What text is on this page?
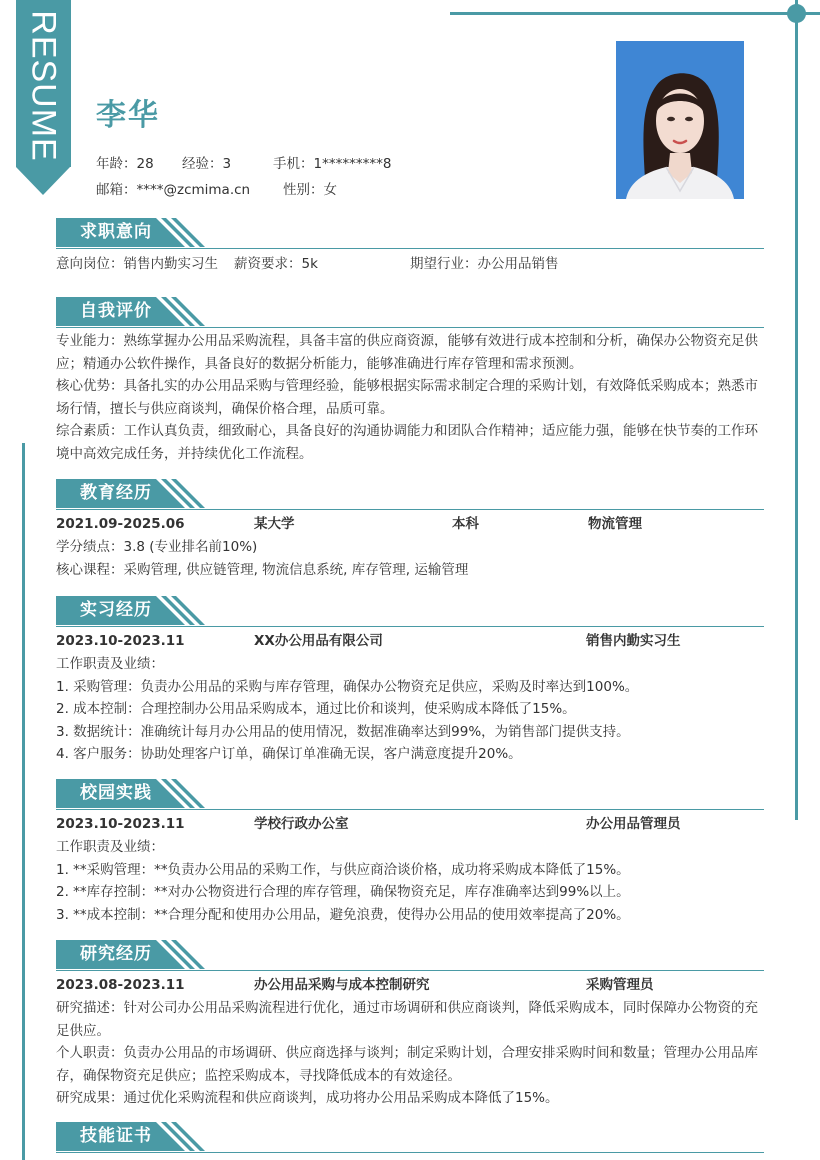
RESUME 李华
年龄：28 经验：3	手机：1*********8
邮箱：****@zcmima.cn 性别：女
求职意向
意向岗位：销售内勤实习生 薪资要求：5k	期望行业：办公用品销售
自我评价
专业能力：熟练掌握办公用品采购流程，具备丰富的供应商资源，能够有效进行成本控制和分析，确保办公物资充足供应；精通办公软件操作，具备良好的数据分析能力，能够准确进行库存管理和需求预测。
核心优势：具备扎实的办公用品采购与管理经验，能够根据实际需求制定合理的采购计划，有效降低采购成本；熟悉市场行情，擅长与供应商谈判，确保价格合理，品质可靠。
综合素质：工作认真负责，细致耐心，具备良好的沟通协调能力和团队合作精神；适应能力强，能够在快节奏的工作环境中高效完成任务，并持续优化工作流程。
教育经历
2021.09-2025.06	某大学	本科	物流管理
学分绩点：3.8 (专业排名前10%)
核心课程：采购管理, 供应链管理, 物流信息系统, 库存管理, 运输管理
实习经历
2023.10-2023.11	XX办公用品有限公司	销售内勤实习生
工作职责及业绩：
1. 采购管理：负责办公用品的采购与库存管理，确保办公物资充足供应，采购及时率达到100%。
2. 成本控制：合理控制办公用品采购成本，通过比价和谈判，使采购成本降低了15%。
3. 数据统计：准确统计每月办公用品的使用情况，数据准确率达到99%，为销售部门提供支持。
4. 客户服务：协助处理客户订单，确保订单准确无误，客户满意度提升20%。
校园实践
2023.10-2023.11	学校行政办公室	办公用品管理员
工作职责及业绩：
1. **采购管理：**负责办公用品的采购工作，与供应商洽谈价格，成功将采购成本降低了15%。
2. **库存控制：**对办公物资进行合理的库存管理，确保物资充足，库存准确率达到99%以上。
3. **成本控制：**合理分配和使用办公用品，避免浪费，使得办公用品的使用效率提高了20%。
研究经历
2023.08-2023.11	办公用品采购与成本控制研究	采购管理员
研究描述：针对公司办公用品采购流程进行优化，通过市场调研和供应商谈判，降低采购成本，同时保障办公物资的充足供应。
个人职责：负责办公用品的市场调研、供应商选择与谈判；制定采购计划，合理安排采购时间和数量；管理办公用品库存，确保物资充足供应；监控采购成本，寻找降低成本的有效途径。
研究成果：通过优化采购流程和供应商谈判，成功将办公用品采购成本降低了15%。
技能证书
